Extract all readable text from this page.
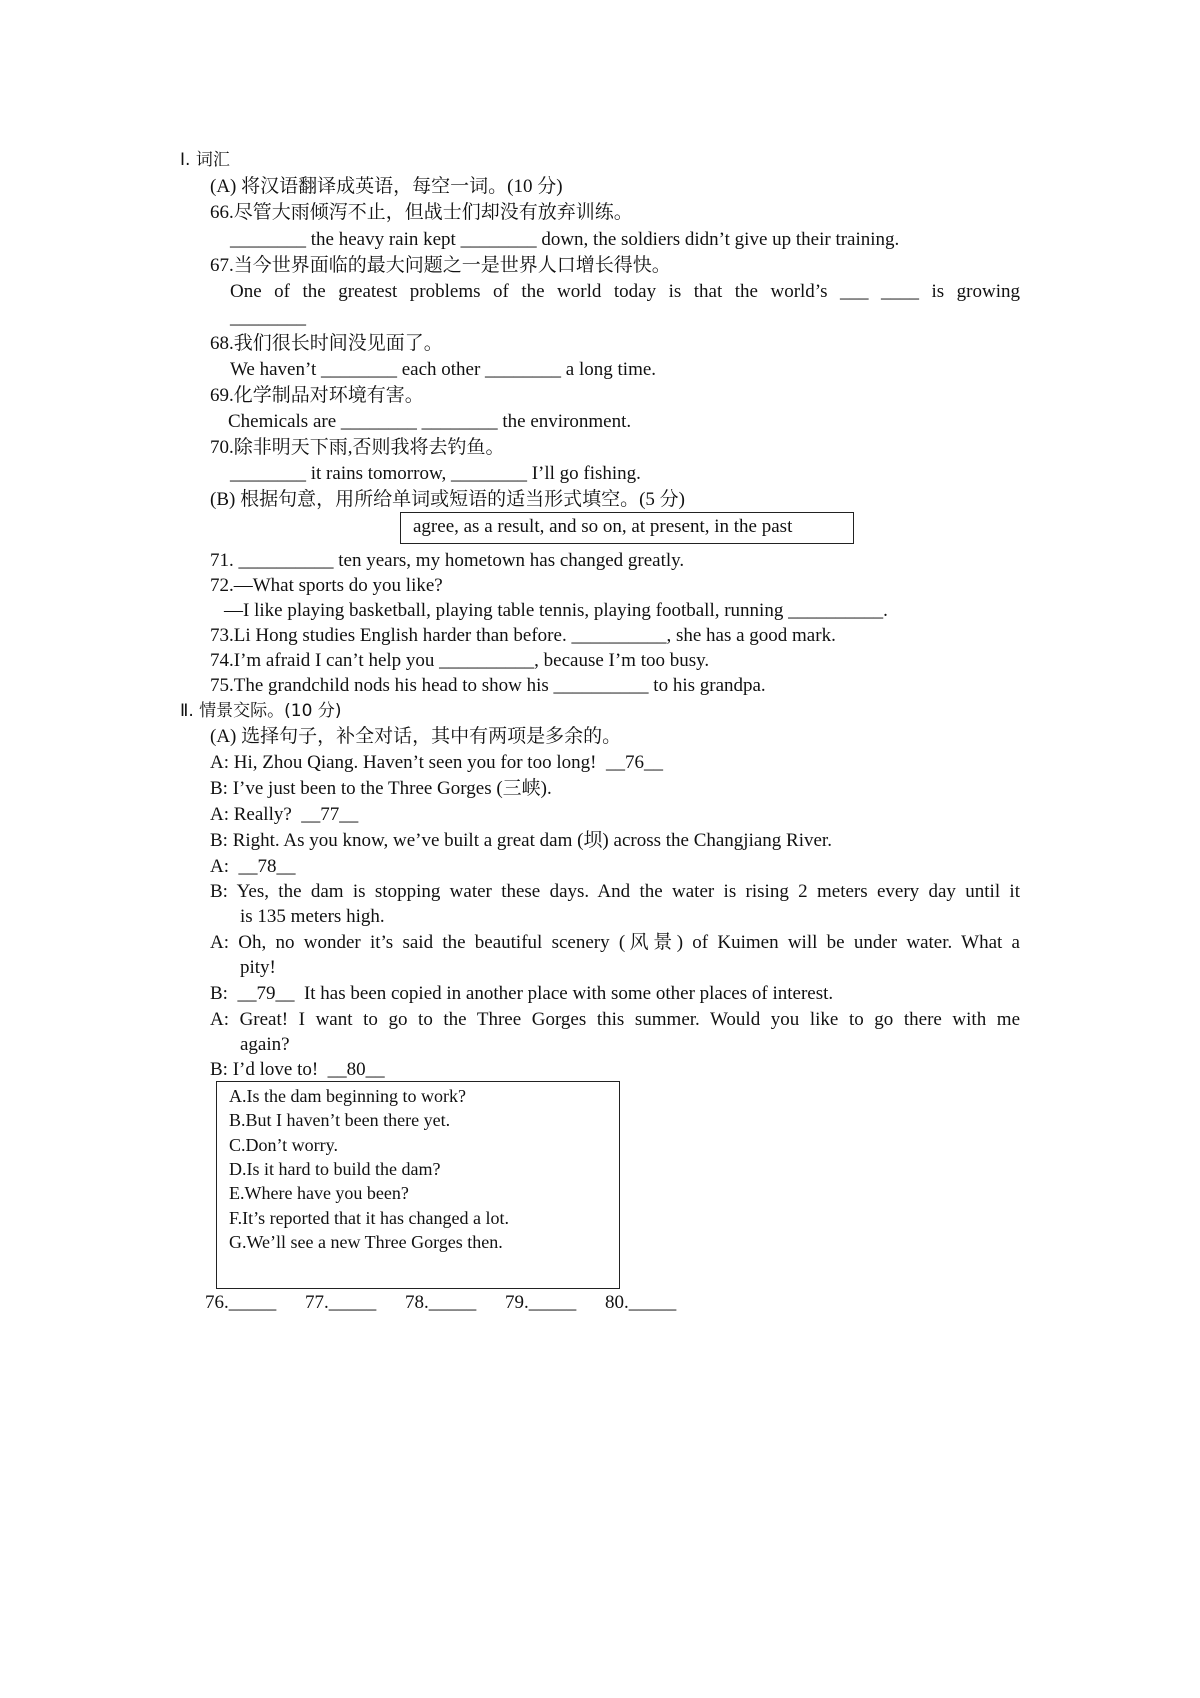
Ⅰ. 词汇
(A) 将汉语翻译成英语，每空一词。(10 分)
66.尽管大雨倾泻不止，但战士们却没有放弃训练。
________ the heavy rain kept ________ down, the soldiers didn’t give up their training.
67.当今世界面临的最大问题之一是世界人口增长得快。
One of the greatest problems of the world today is that the world’s ___ ____ is growing
________
68.我们很长时间没见面了。
We haven’t ________ each other ________ a long time.
69.化学制品对环境有害。
Chemicals are ________ ________ the environment.
70.除非明天下雨,否则我将去钓鱼。
________ it rains tomorrow, ________ I’ll go fishing.
(B) 根据句意，用所给单词或短语的适当形式填空。(5 分)
agree, as a result, and so on, at present, in the past
71. __________ ten years, my hometown has changed greatly.
72.—What sports do you like?
—I like playing basketball, playing table tennis, playing football, running __________.
73.Li Hong studies English harder than before. __________, she has a good mark.
74.I’m afraid I can’t help you __________, because I’m too busy.
75.The grandchild nods his head to show his __________ to his grandpa.
Ⅱ. 情景交际。(10 分)
(A) 选择句子，补全对话，其中有两项是多余的。
A: Hi, Zhou Qiang. Haven’t seen you for too long!  __76__
B: I’ve just been to the Three Gorges (三峡).
A: Really?  __77__
B: Right. As you know, we’ve built a great dam (坝) across the Changjiang River.
A:  __78__
B: Yes, the dam is stopping water these days. And the water is rising 2 meters every day until it
is 135 meters high.
A: Oh, no wonder it’s said the beautiful scenery (风景) of Kuimen will be under water. What a
pity!
B:  __79__  It has been copied in another place with some other places of interest.
A: Great! I want to go to the Three Gorges this summer. Would you like to go there with me
again?
B: I’d love to!  __80__
A.Is the dam beginning to work?
B.But I haven’t been there yet.
C.Don’t worry.
D.Is it hard to build the dam?
E.Where have you been?
F.It’s reported that it has changed a lot.
G.We’ll see a new Three Gorges then.
76._____ 77._____ 78._____ 79._____ 80._____
